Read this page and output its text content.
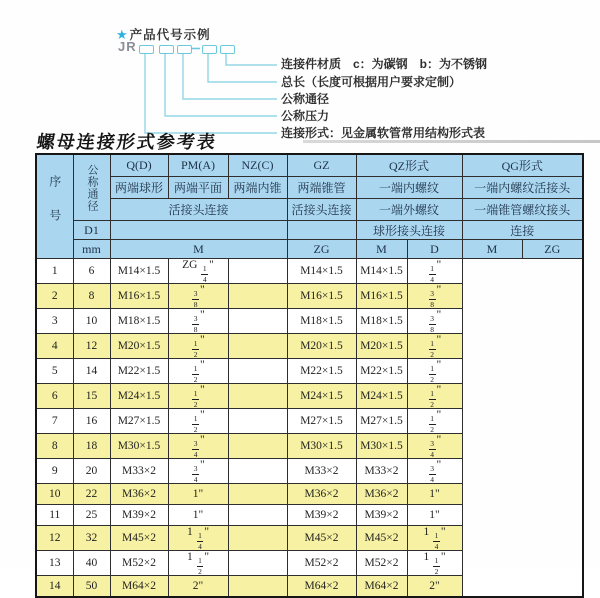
★产品代号示例
JR
连接件材质　c：为碳钢　b：为不锈钢
总长（长度可根据用户要求定制）
公称通径
公称压力
连接形式：见金属软管常用结构形式表
螺母连接形式参考表
序号	公称通径	Q(D)	PM(A)	NZ(C)	GZ	QZ形式		QG形式	
		两端球形	两端平面	两端内锥	两端锥管	一端内螺纹		一端内螺纹活接头	
		活接头连接			活接头连接	一端外螺纹		一端锥管螺纹接头	
	D1					球形接头连接		连接	
	mm	M			ZG	M	D	M	ZG
1	6	M14×1.5	ZG $\frac{1}{4}$ "		M14×1.5	M14×1.5	$\frac{1}{4}$ "		
2	8	M16×1.5	$\frac{3}{8}$ "		M16×1.5	M16×1.5	$\frac{3}{8}$ "		
3	10	M18×1.5	$\frac{3}{8}$ "		M18×1.5	M18×1.5	$\frac{3}{8}$ "		
4	12	M20×1.5	$\frac{1}{2}$ "		M20×1.5	M20×1.5	$\frac{1}{2}$ "		
5	14	M22×1.5	$\frac{1}{2}$ "		M22×1.5	M22×1.5	$\frac{1}{2}$ "		
6	15	M24×1.5	$\frac{1}{2}$ "		M24×1.5	M24×1.5	$\frac{1}{2}$ "		
7	16	M27×1.5	$\frac{1}{2}$ "		M27×1.5	M27×1.5	$\frac{1}{2}$ "		
8	18	M30×1.5	$\frac{3}{4}$ "		M30×1.5	M30×1.5	$\frac{3}{4}$ "		
9	20	M33×2	$\frac{3}{4}$ "		M33×2	M33×2	$\frac{3}{4}$ "		
10	22	M36×2	1"		M36×2	M36×2	1"		
11	25	M39×2	1"		M39×2	M39×2	1"		
12	32	M45×2	$1 \frac{1}{4}$ "		M45×2	M45×2	$1 \frac{1}{4}$ "		
13	40	M52×2	$1 \frac{1}{2}$ "		M52×2	M52×2	$1 \frac{1}{2}$ "		
14	50	M64×2	2"		M64×2	M64×2	2"		
